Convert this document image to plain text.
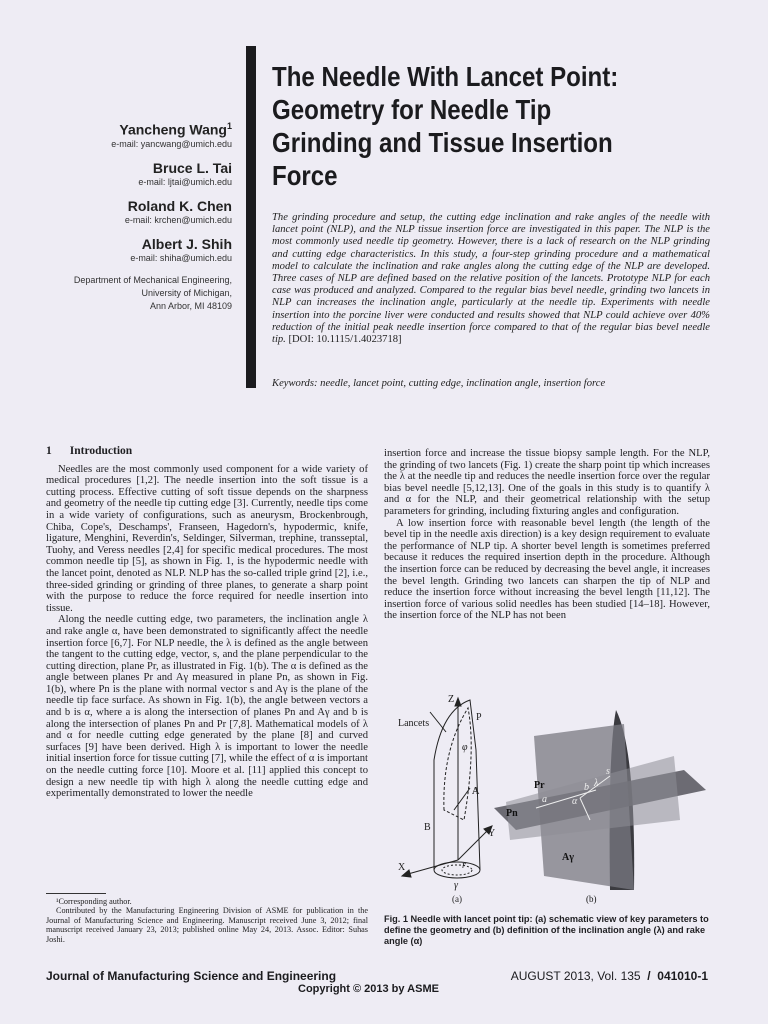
Yancheng Wang$^1$
e-mail: yancwang@umich.edu
Bruce L. Tai
e-mail: ljtai@umich.edu
Roland K. Chen
e-mail: krchen@umich.edu
Albert J. Shih
e-mail: shiha@umich.edu
Department of Mechanical Engineering,
University of Michigan,
Ann Arbor, MI 48109
The Needle With Lancet Point: Geometry for Needle Tip Grinding and Tissue Insertion Force
The grinding procedure and setup, the cutting edge inclination and rake angles of the needle with lancet point (NLP), and the NLP tissue insertion force are investigated in this paper. The NLP is the most commonly used needle tip geometry. However, there is a lack of research on the NLP grinding and cutting edge characteristics. In this study, a four-step grinding procedure and a mathematical model to calculate the inclination and rake angles along the cutting edge of the NLP are developed. Three cases of NLP are defined based on the relative position of the lancets. Prototype NLP for each case was produced and analyzed. Compared to the regular bias bevel needle, grinding two lancets in NLP can increases the inclination angle, particularly at the needle tip. Experiments with needle insertion into the porcine liver were conducted and results showed that NLP could achieve over 40% reduction of the initial peak needle insertion force compared to that of the regular bias bevel needle tip. [DOI: 10.1115/1.4023718]
Keywords: needle, lancet point, cutting edge, inclination angle, insertion force
1 Introduction

Needles are the most commonly used component for a wide variety of medical procedures [1,2]. The needle insertion into the soft tissue is a cutting process. Effective cutting of soft tissue depends on the sharpness and geometry of the needle tip cutting edge [3]. Currently, needle tips come in a wide variety of configurations, such as aneurysm, Brockenbrough, Chiba, Cope's, Deschamps', Franseen, Hagedorn's, hypodermic, knife, ligature, Menghini, Reverdin's, Seldinger, Silverman, trephine, transseptal, Tuohy, and Veress needles [2,4] for specific medical procedures. The most common needle tip [5], as shown in Fig. 1, is the hypodermic needle with the lancet point, denoted as NLP. NLP has the so-called triple grind [2], i.e., three-sided grinding or grinding of three planes, to generate a sharp point with the purpose to reduce the force required for needle insertion into tissue.

Along the needle cutting edge, two parameters, the inclination angle λ and rake angle α, have been demonstrated to significantly affect the needle insertion force [6,7]. For NLP needle, the λ is defined as the angle between the tangent to the cutting edge, vector, s, and the plane perpendicular to the cutting direction, plane Pr, as illustrated in Fig. 1(b). The α is defined as the angle between planes Pr and Aγ measured in plane Pn, as shown in Fig. 1(b), where Pn is the plane with normal vector s and Aγ is the plane of the needle tip face surface. As shown in Fig. 1(b), the angle between vectors a and b is α, where a is along the intersection of planes Pn and Aγ and b is along the intersection of planes Pn and Pr [7,8]. Mathematical models of λ and α for needle cutting edge generated by the plane [8] and curved surfaces [9] have been derived. High λ is important to lower the needle initial insertion force for tissue cutting [7], while the effect of α is important on the needle cutting force [10]. Moore et al. [11] applied this concept to design a new needle tip with high λ along the needle cutting edge and experimentally demonstrated to lower the needle

¹Corresponding author.

Contributed by the Manufacturing Engineering Division of ASME for publication in the Journal of Manufacturing Science and Engineering. Manuscript received June 3, 2012; final manuscript received January 23, 2013; published online May 24, 2013. Assoc. Editor: Suhas Joshi.

insertion force and increase the tissue biopsy sample length. For the NLP, the grinding of two lancets (Fig. 1) create the sharp point tip which increases the λ at the needle tip and reduces the needle insertion force over the regular bias bevel needle [5,12,13]. One of the goals in this study is to quantify λ and α for the NLP, and their geometrical relationship with the setup parameters for grinding, including fixturing angles and configuration.

A low insertion force with reasonable bevel length (the length of the bevel tip in the needle axis direction) is a key design requirement to evaluate the performance of NLP tip. A shorter bevel length is sometimes preferred because it reduces the required insertion depth in the procedure. Although the insertion force can be reduced by decreasing the bevel angle, it increases the bevel length. Grinding two lancets can sharpen the tip of NLP and reduce the insertion force without increasing the bevel length [11,12]. The insertion force of various solid needles has been studied [14–18]. However, the insertion force of the NLP has not been

Z
P
Lancets
A
B
Y
X
φ
r
γ
(a)
Pr
Pn
Aγ
s
a
b
α
λ
(b)
Fig. 1 Needle with lancet point tip: (a) schematic view of key parameters to define the geometry and (b) definition of the inclination angle (λ) and rake angle (α)
Journal of Manufacturing Science and Engineering
Copyright © 2013 by ASME
AUGUST 2013, Vol. 135 / 041010-1
